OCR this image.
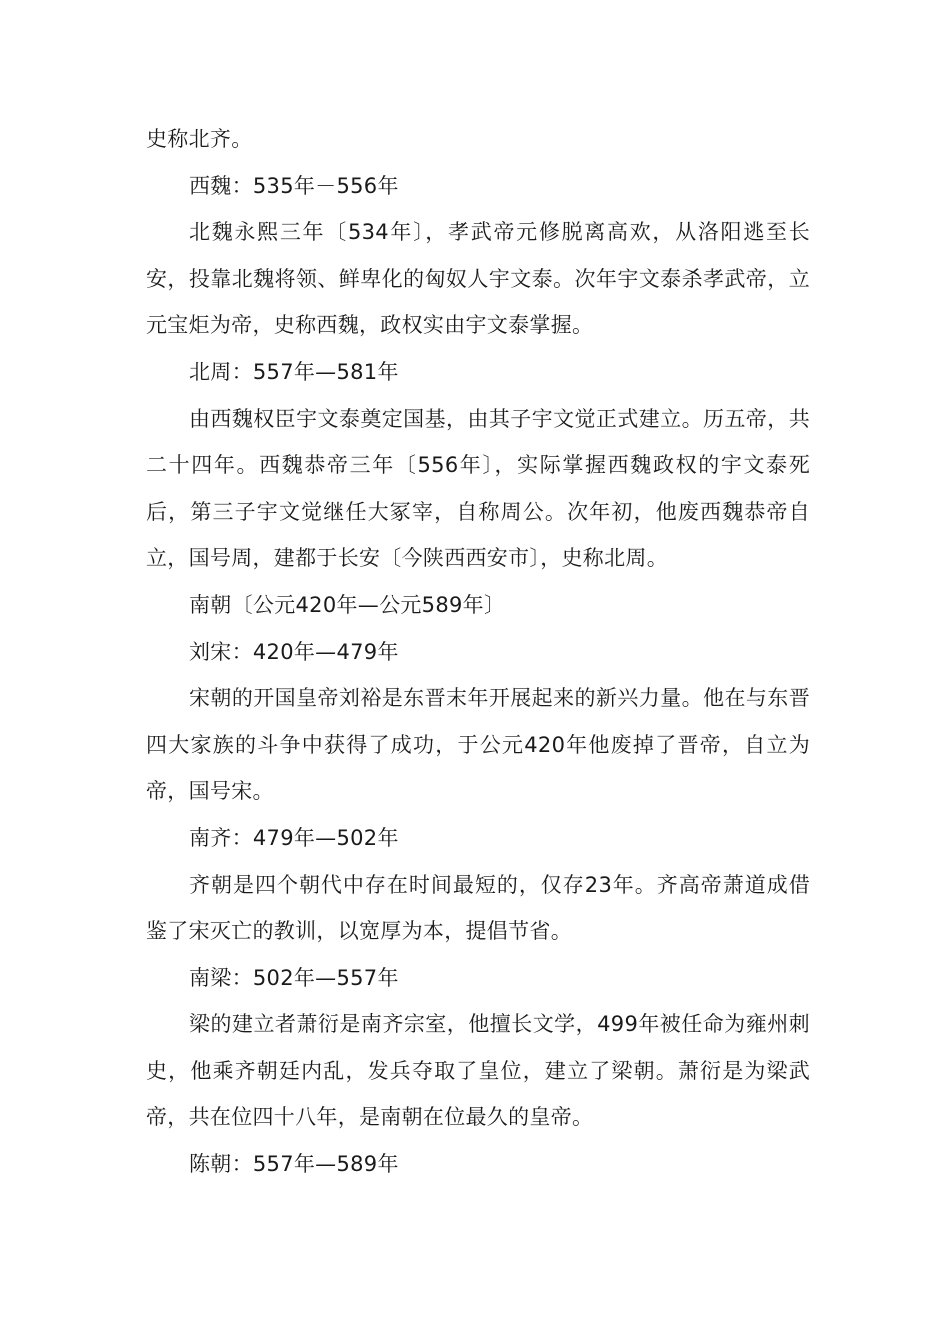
史称北齐。

西魏：535年－556年

北魏永熙三年〔534年〕，孝武帝元修脱离高欢，从洛阳逃至长安，投靠北魏将领、鲜卑化的匈奴人宇文泰。次年宇文泰杀孝武帝，立元宝炬为帝，史称西魏，政权实由宇文泰掌握。

北周：557年—581年

由西魏权臣宇文泰奠定国基，由其子宇文觉正式建立。历五帝，共二十四年。西魏恭帝三年〔556年〕，实际掌握西魏政权的宇文泰死后，第三子宇文觉继任大冢宰，自称周公。次年初，他废西魏恭帝自立，国号周，建都于长安〔今陕西西安市〕，史称北周。

南朝〔公元420年—公元589年〕

刘宋：420年—479年

宋朝的开国皇帝刘裕是东晋末年开展起来的新兴力量。他在与东晋四大家族的斗争中获得了成功，于公元420年他废掉了晋帝，自立为帝，国号宋。

南齐：479年—502年

齐朝是四个朝代中存在时间最短的，仅存23年。齐高帝萧道成借鉴了宋灭亡的教训，以宽厚为本，提倡节省。

南梁：502年—557年

梁的建立者萧衍是南齐宗室，他擅长文学，499年被任命为雍州刺史，他乘齐朝廷内乱，发兵夺取了皇位，建立了梁朝。萧衍是为梁武帝，共在位四十八年，是南朝在位最久的皇帝。

陈朝：557年—589年
